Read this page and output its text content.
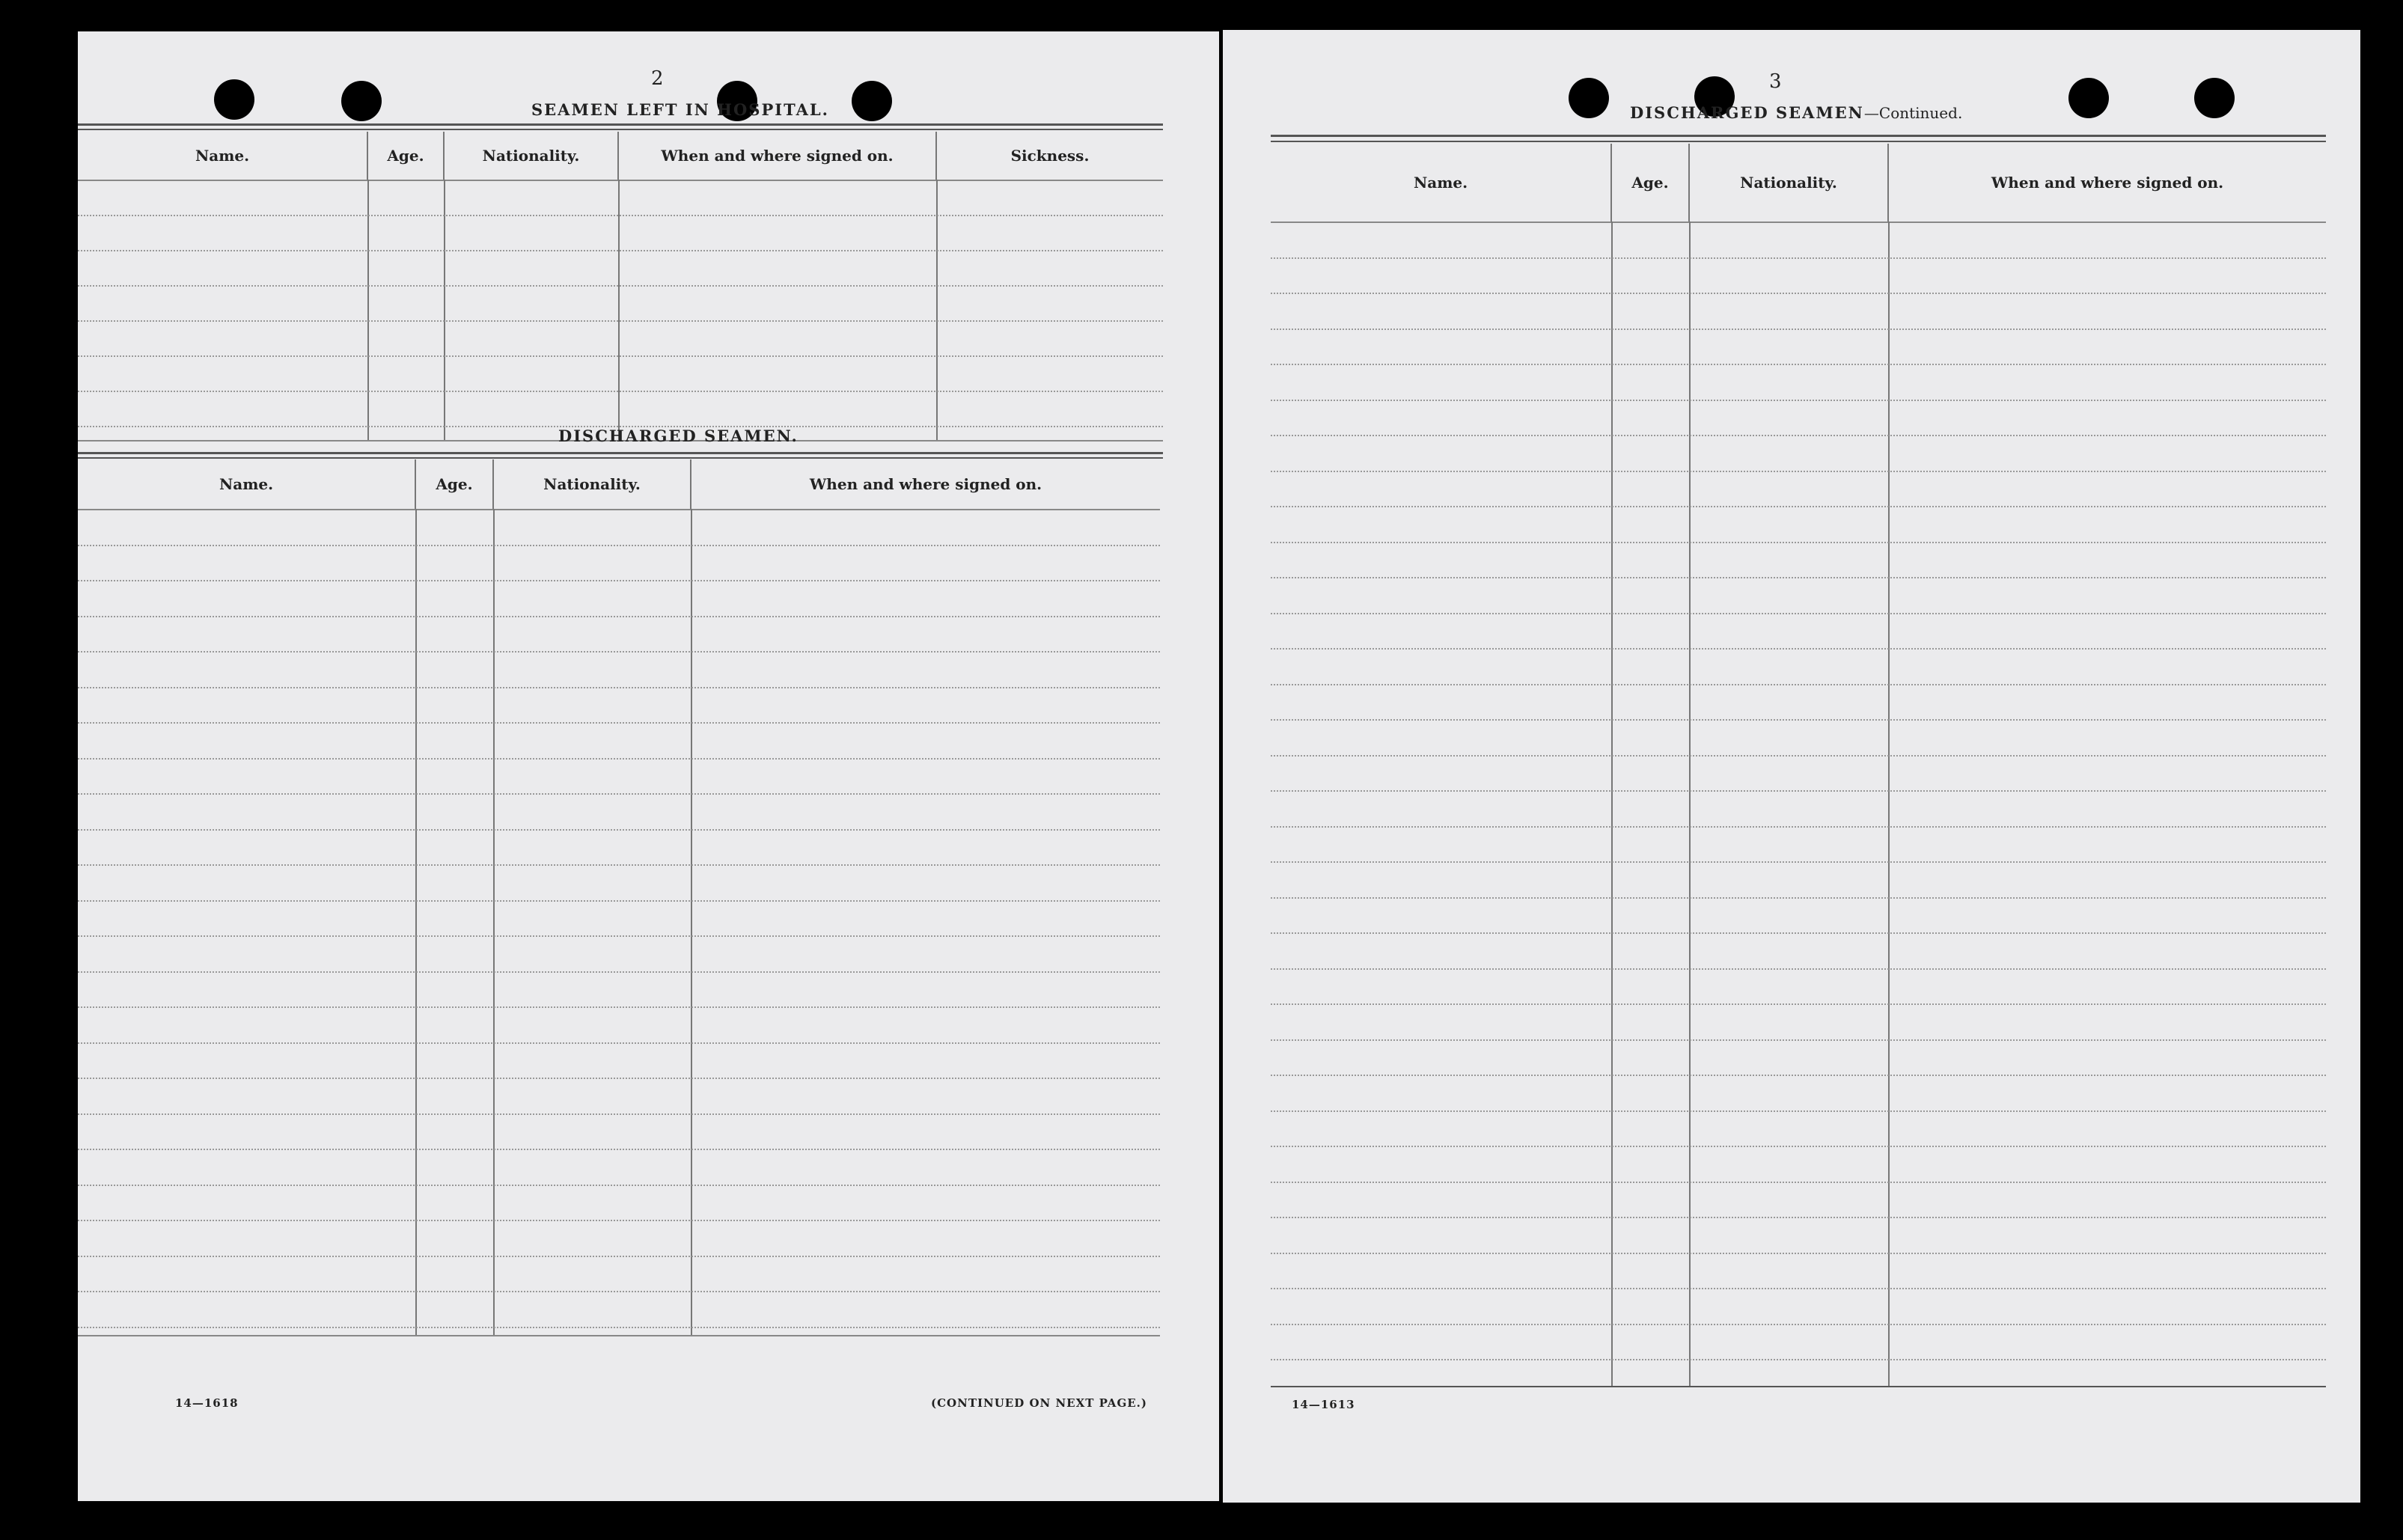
2
SEAMEN LEFT IN HOSPITAL.
Name.	Age.	Nationality.	When and where signed on.	Sickness.
DISCHARGED SEAMEN.
Name.	Age.	Nationality.	When and where signed on.
14—1618	(CONTINUED ON NEXT PAGE.)
3
DISCHARGED SEAMEN—Continued.
Name.	Age.	Nationality.	When and where signed on.
14—1613
